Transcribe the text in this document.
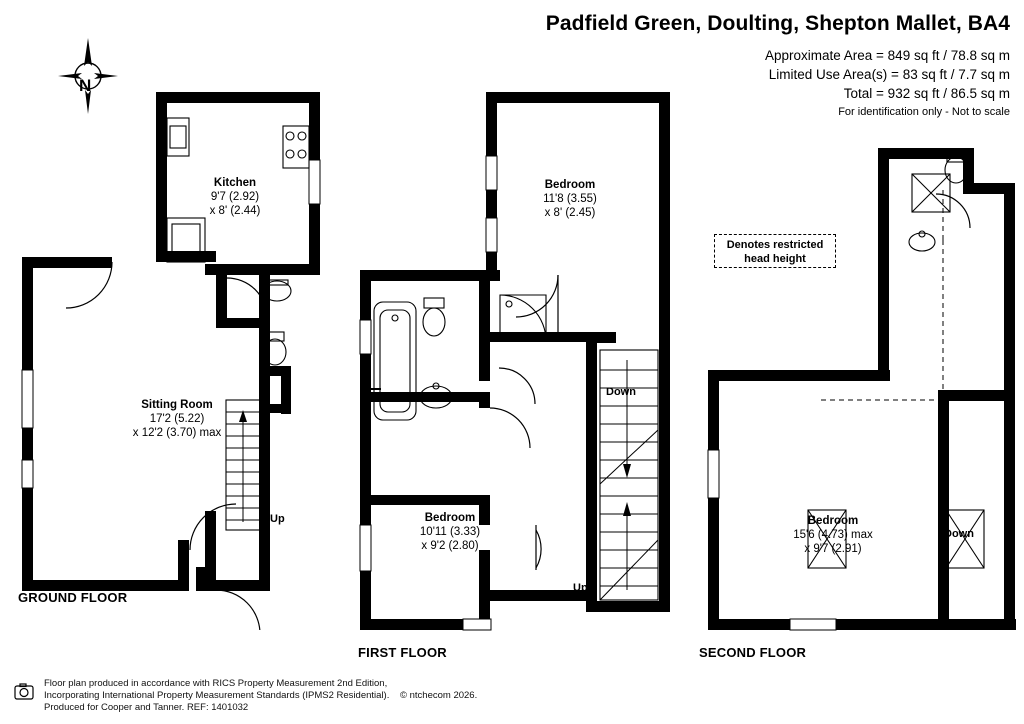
Padfield Green, Doulting, Shepton Mallet, BA4
Approximate Area = 849 sq ft / 78.8 sq m
Limited Use Area(s) = 83 sq ft / 7.7 sq m
Total = 932 sq ft / 86.5 sq m
For identification only - Not to scale
N
Kitchen
9'7 (2.92)
x 8' (2.44)
Sitting Room
17'2 (5.22)
x 12'2 (3.70) max
Up
GROUND FLOOR
Bedroom
11'8 (3.55)
x 8' (2.45)
Bedroom
10'11 (3.33)
x 9'2 (2.80)
Down
Up
FIRST FLOOR
Denotes restricted
head height
Bedroom
15'6 (4.73) max
x 9'7 (2.91)
Down
SECOND FLOOR
Floor plan produced in accordance with RICS Property Measurement 2nd Edition,
Incorporating International Property Measurement Standards (IPMS2 Residential). © ntchecom 2026.
Produced for Cooper and Tanner. REF: 1401032
